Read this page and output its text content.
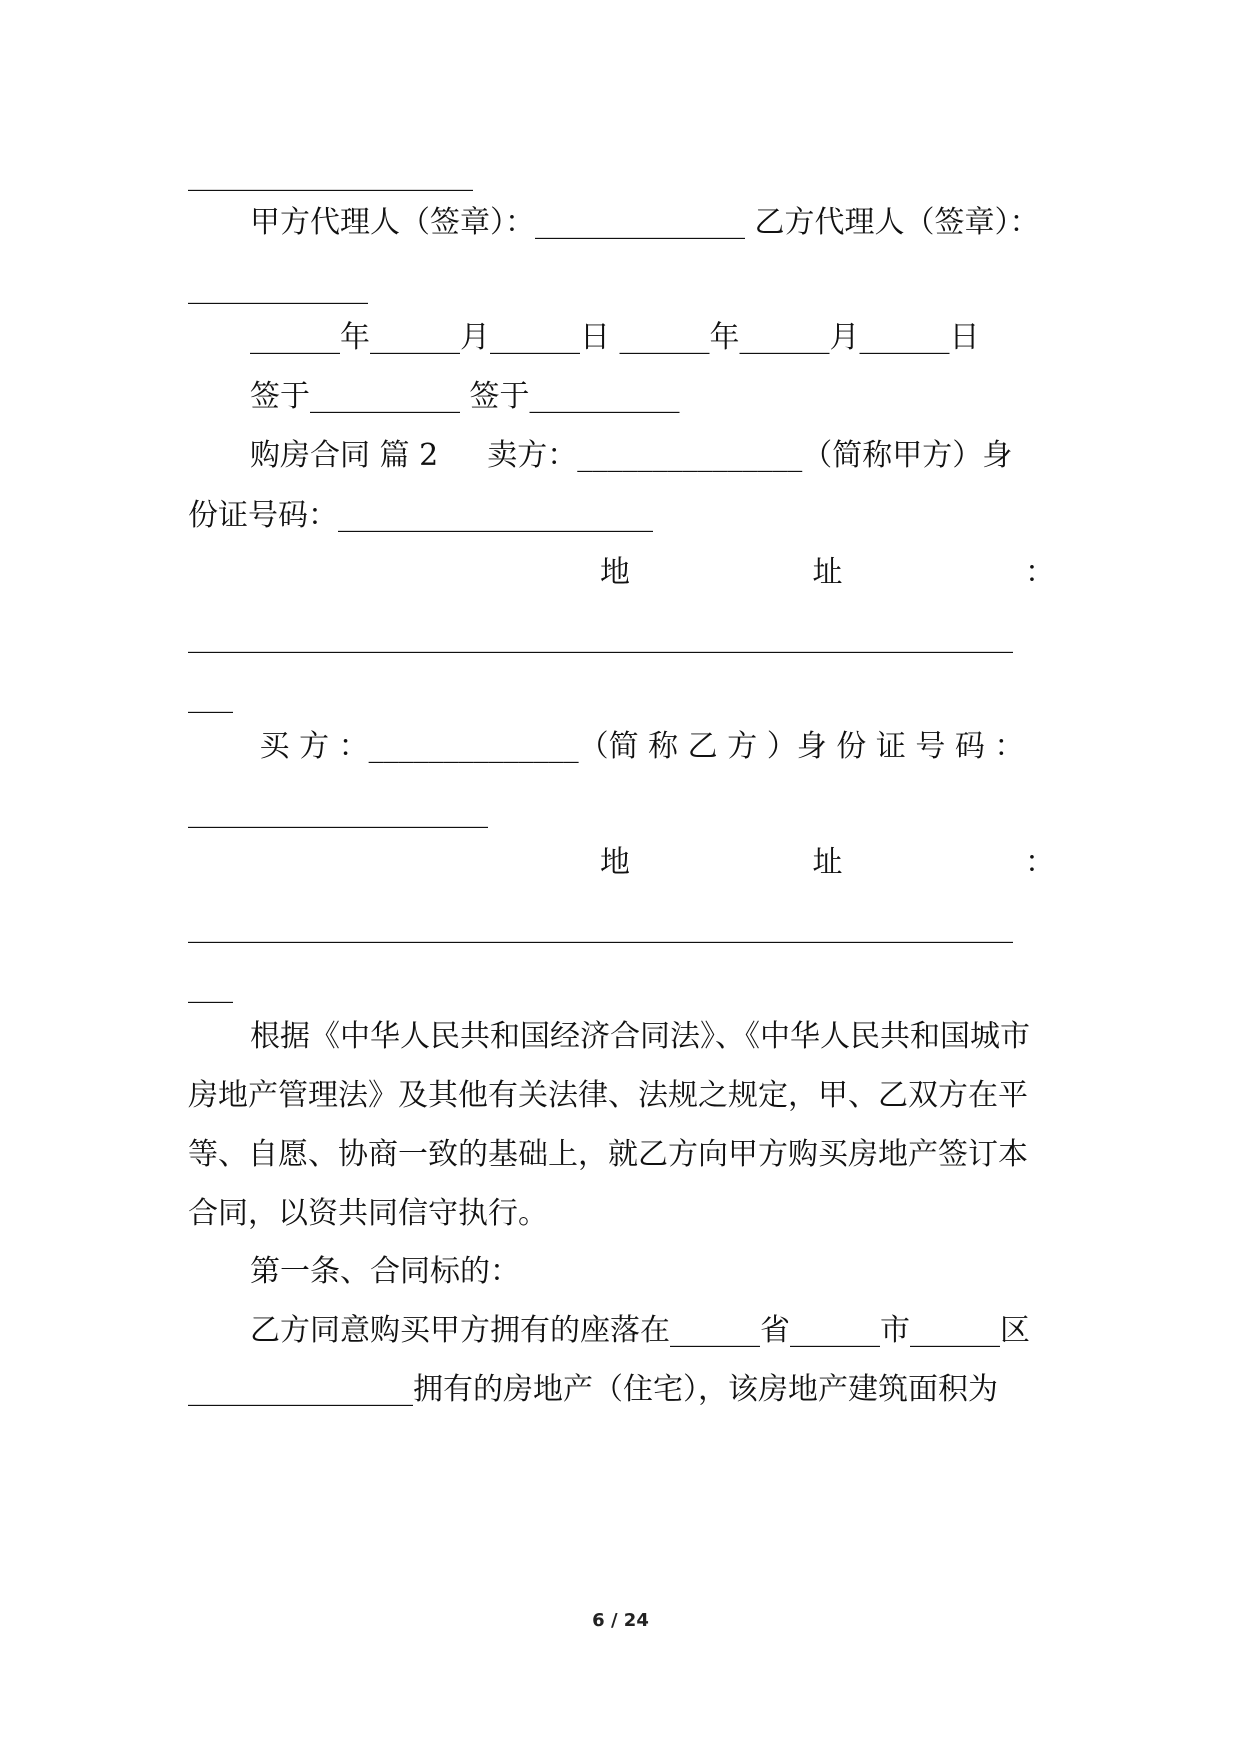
___________________
甲方代理人（签章）：______________ 乙方代理人（签章）：
____________
______年______月______日 ______年______月______日
签于__________ 签于__________
购房合同 篇 2 　 卖方：_______________（简称甲方）身
份证号码：_____________________
地	址	：
_______________________________________________________
___
买 方 ：______________（简 称 乙 方 ）身 份 证 号 码 ：
____________________
地	址	：
_______________________________________________________
___
根据《中华人民共和国经济合同法》、《中华人民共和国城市
房地产管理法》及其他有关法律、法规之规定，甲、乙双方在平
等、自愿、协商一致的基础上，就乙方向甲方购买房地产签订本
合同，以资共同信守执行。
第一条、合同标的：
乙方同意购买甲方拥有的座落在______省______市______区
_______________拥有的房地产（住宅），该房地产建筑面积为
6 / 24
